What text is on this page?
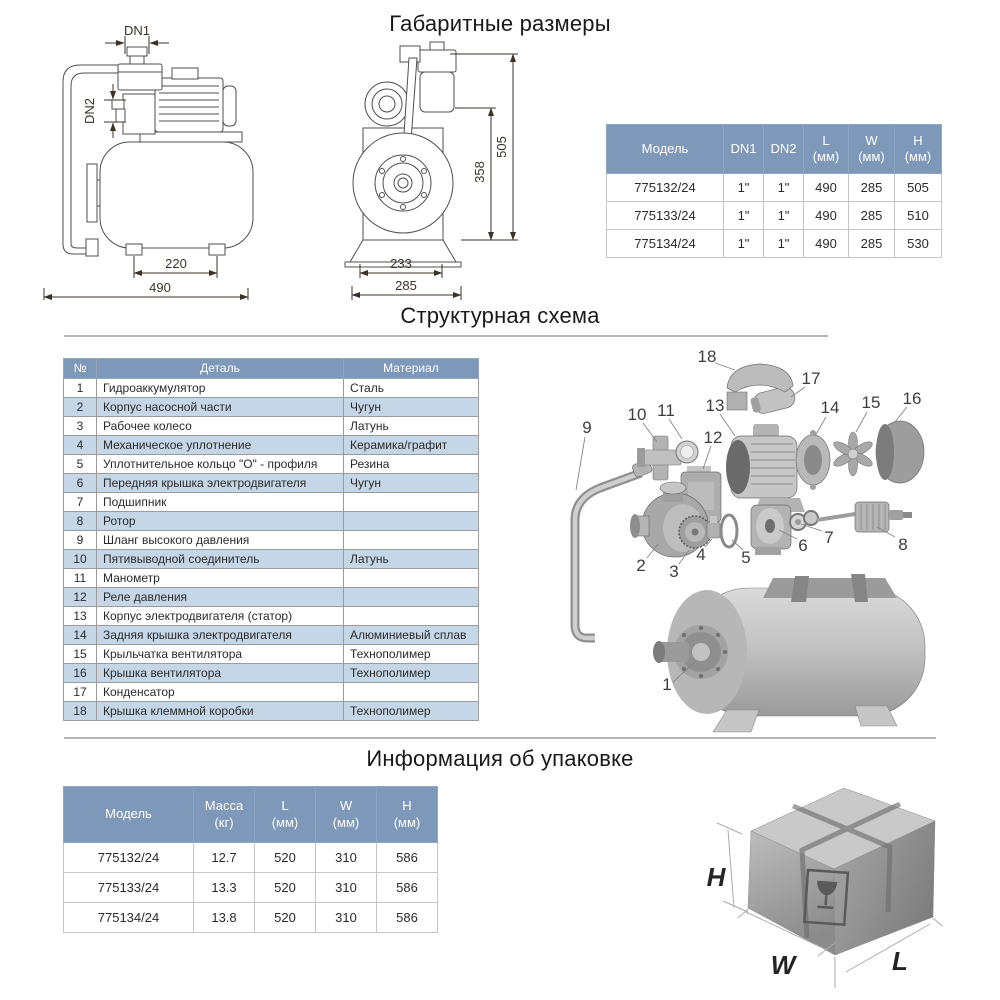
Габаритные размеры
DN1
DN2
220
490
505
358
233
285
Модель	DN1	DN2	L
(мм)	W
(мм)	H
(мм)
775132/24	1"	1"	490	285	505
775133/24	1"	1"	490	285	510
775134/24	1"	1"	490	285	530
Структурная схема
№	Деталь	Материал
1	Гидроаккумулятор	Сталь
2	Корпус насосной части	Чугун
3	Рабочее колесо	Латунь
4	Механическое уплотнение	Керамика/графит
5	Уплотнительное кольцо "О" - профиля	Резина
6	Передняя крышка электродвигателя	Чугун
7	Подшипник	
8	Ротор	
9	Шланг высокого давления	
10	Пятивыводной соединитель	Латунь
11	Манометр	
12	Реле давления	
13	Корпус электродвигателя (статор)	
14	Задняя крышка электродвигателя	Алюминиевый сплав
15	Крыльчатка вентилятора	Технополимер
16	Крышка вентилятора	Технополимер
17	Конденсатор	
18	Крышка клеммной коробки	Технополимер
1
2 3
4 5
6 7	8
9
10 11
12
13	14 15 16
17
18
Информация об упаковке
Модель	Масса
(кг)	L
(мм)	W
(мм)	H
(мм)
775132/24	12.7	520	310	586
775133/24	13.3	520	310	586
775134/24	13.8	520	310	586
H
W	L
